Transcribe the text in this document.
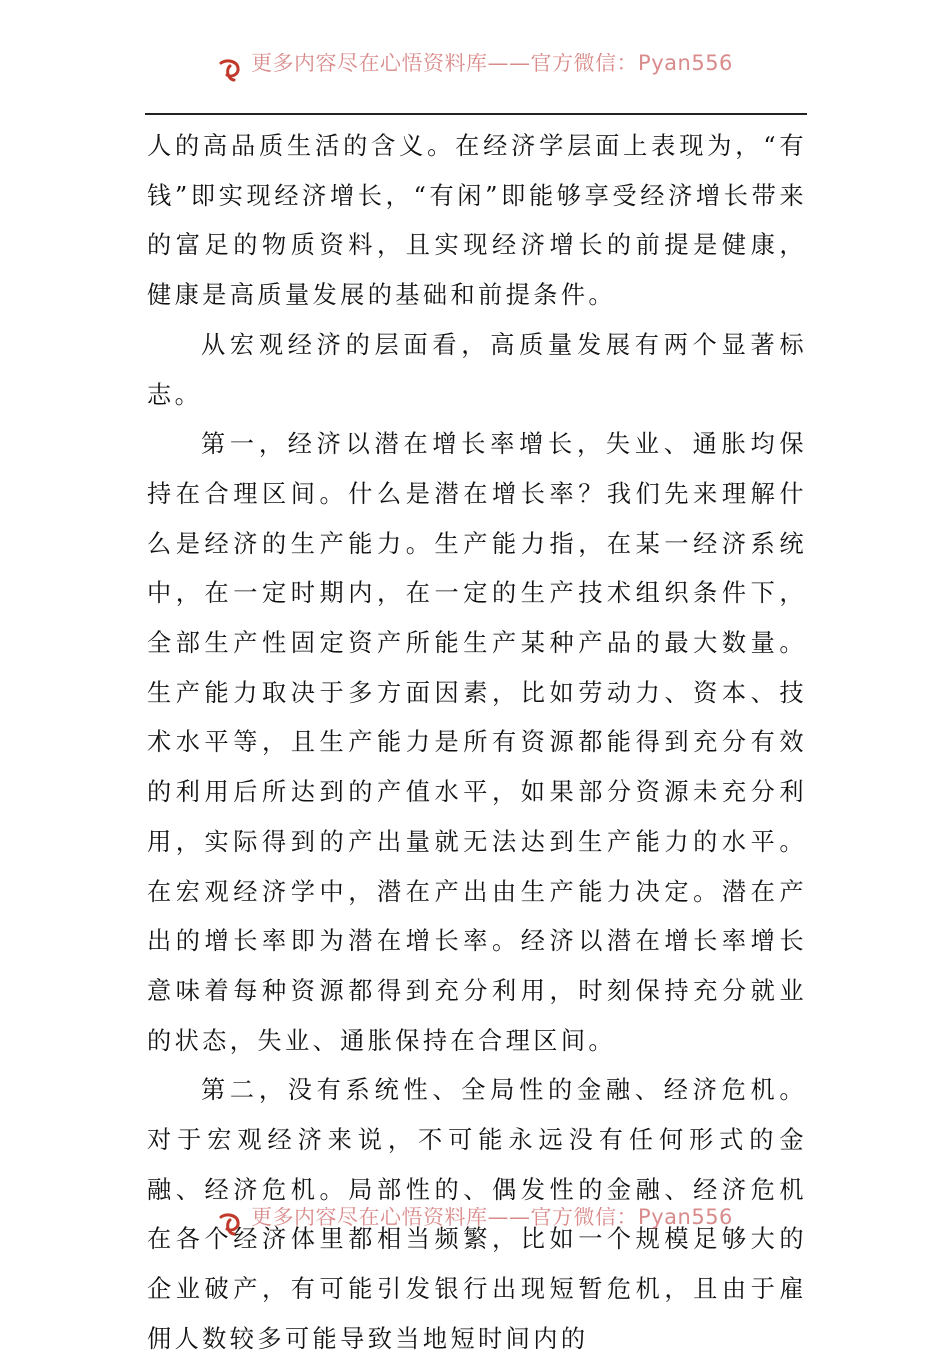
更多内容尽在心悟资料库——官方微信：Pyan556

人的高品质生活的含义。在经济学层面上表现为，“有钱”即实现经济增长，“有闲”即能够享受经济增长带来的富足的物质资料，且实现经济增长的前提是健康，健康是高质量发展的基础和前提条件。

从宏观经济的层面看，高质量发展有两个显著标志。

第一，经济以潜在增长率增长，失业、通胀均保持在合理区间。什么是潜在增长率？我们先来理解什么是经济的生产能力。生产能力指，在某一经济系统中，在一定时期内，在一定的生产技术组织条件下，全部生产性固定资产所能生产某种产品的最大数量。生产能力取决于多方面因素，比如劳动力、资本、技术水平等，且生产能力是所有资源都能得到充分有效的利用后所达到的产值水平，如果部分资源未充分利用，实际得到的产出量就无法达到生产能力的水平。在宏观经济学中，潜在产出由生产能力决定。潜在产出的增长率即为潜在增长率。经济以潜在增长率增长意味着每种资源都得到充分利用，时刻保持充分就业的状态，失业、通胀保持在合理区间。

第二，没有系统性、全局性的金融、经济危机。对于宏观经济来说，不可能永远没有任何形式的金融、经济危机。局部性的、偶发性的金融、经济危机在各个经济体里都相当频繁，比如一个规模足够大的企业破产，有可能引发银行出现短暂危机，且由于雇佣人数较多可能导致当地短时间内的

更多内容尽在心悟资料库——官方微信：Pyan556
